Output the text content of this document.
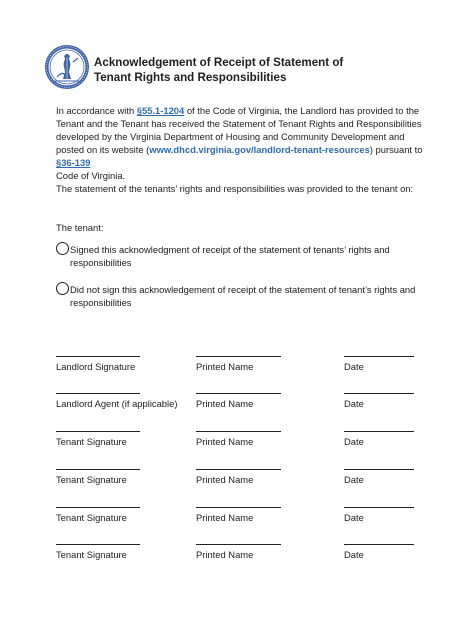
Acknowledgement of Receipt of Statement of
Tenant Rights and Responsibilities
In accordance with §55.1-1204 of the Code of Virginia, the Landlord has provided to the Tenant and the Tenant has received the Statement of Tenant Rights and Responsibilities developed by the Virginia Department of Housing and Community Development and posted on its website (www.dhcd.virginia.gov/landlord-tenant-resources) pursuant to §36-139
Code of Virginia.
The statement of the tenants’ rights and responsibilities was provided to the tenant on:
The tenant:
Signed this acknowledgment of receipt of the statement of tenants’ rights and responsibilities
Did not sign this acknowledgement of receipt of the statement of tenant’s rights and responsibilities
Landlord Signature	Printed Name	Date
Landlord Agent (if applicable) Printed Name	Date
Tenant Signature	Printed Name	Date
Tenant Signature	Printed Name	Date
Tenant Signature	Printed Name	Date
Tenant Signature	Printed Name	Date
